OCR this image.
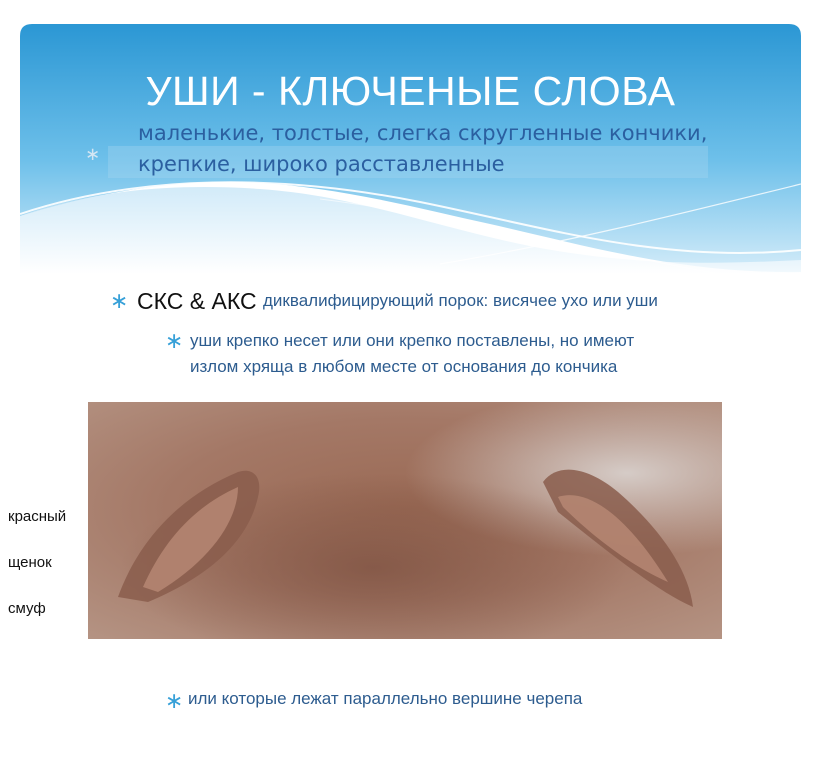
∗
УШИ - КЛЮЧЕНЫЕ СЛОВА
маленькие, толстые, слегка скругленные кончики,
крепкие, широко расставленные
∗ СКС & АКС диквалифицирующий порок: висячее ухо или уши
∗ уши крепко несет или они крепко поставлены, но имеют
излом хряща в любом месте от основания до кончика
красный
щенок
смуф
∗ или которые лежат параллельно вершине черепа
